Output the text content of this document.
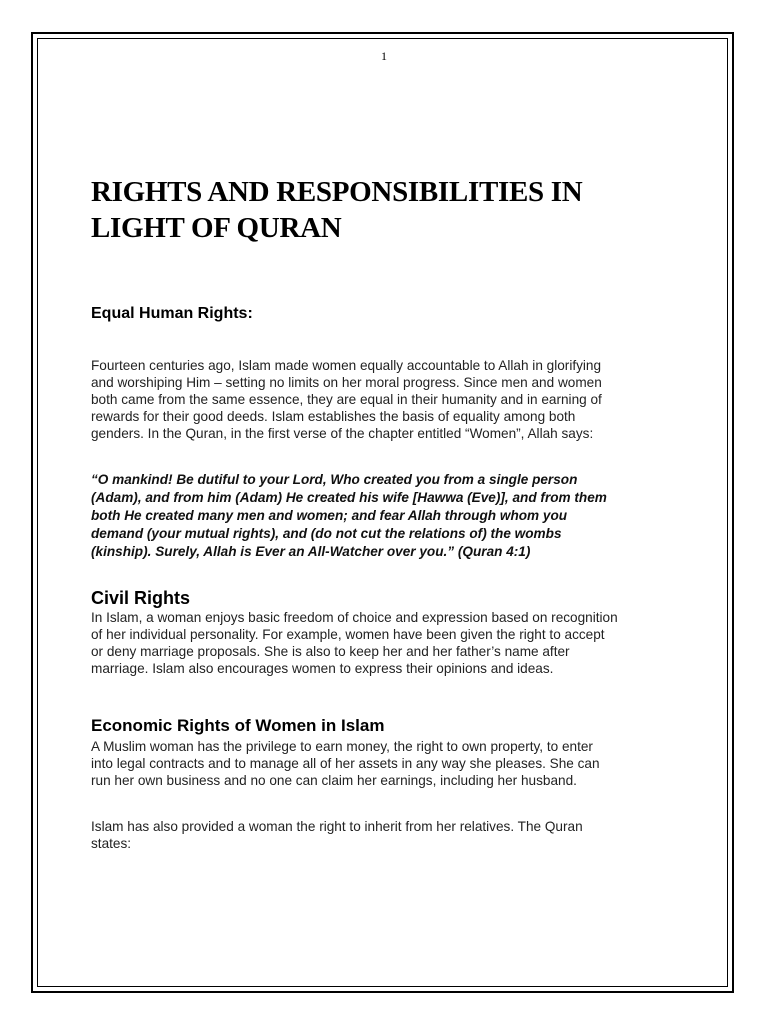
1
RIGHTS AND RESPONSIBILITIES IN
LIGHT OF QURAN
Equal Human Rights:

Fourteen centuries ago, Islam made women equally accountable to Allah in glorifying
and worshiping Him – setting no limits on her moral progress. Since men and women
both came from the same essence, they are equal in their humanity and in earning of
rewards for their good deeds. Islam establishes the basis of equality among both
genders. In the Quran, in the first verse of the chapter entitled “Women”, Allah says:

“O mankind! Be dutiful to your Lord, Who created you from a single person
(Adam), and from him (Adam) He created his wife [Hawwa (Eve)], and from them
both He created many men and women; and fear Allah through whom you
demand (your mutual rights), and (do not cut the relations of) the wombs
(kinship). Surely, Allah is Ever an All-Watcher over you.” (Quran 4:1)

Civil Rights

In Islam, a woman enjoys basic freedom of choice and expression based on recognition
of her individual personality. For example, women have been given the right to accept
or deny marriage proposals. She is also to keep her and her father’s name after
marriage. Islam also encourages women to express their opinions and ideas.

Economic Rights of Women in Islam

A Muslim woman has the privilege to earn money, the right to own property, to enter
into legal contracts and to manage all of her assets in any way she pleases. She can
run her own business and no one can claim her earnings, including her husband.

Islam has also provided a woman the right to inherit from her relatives. The Quran
states:
